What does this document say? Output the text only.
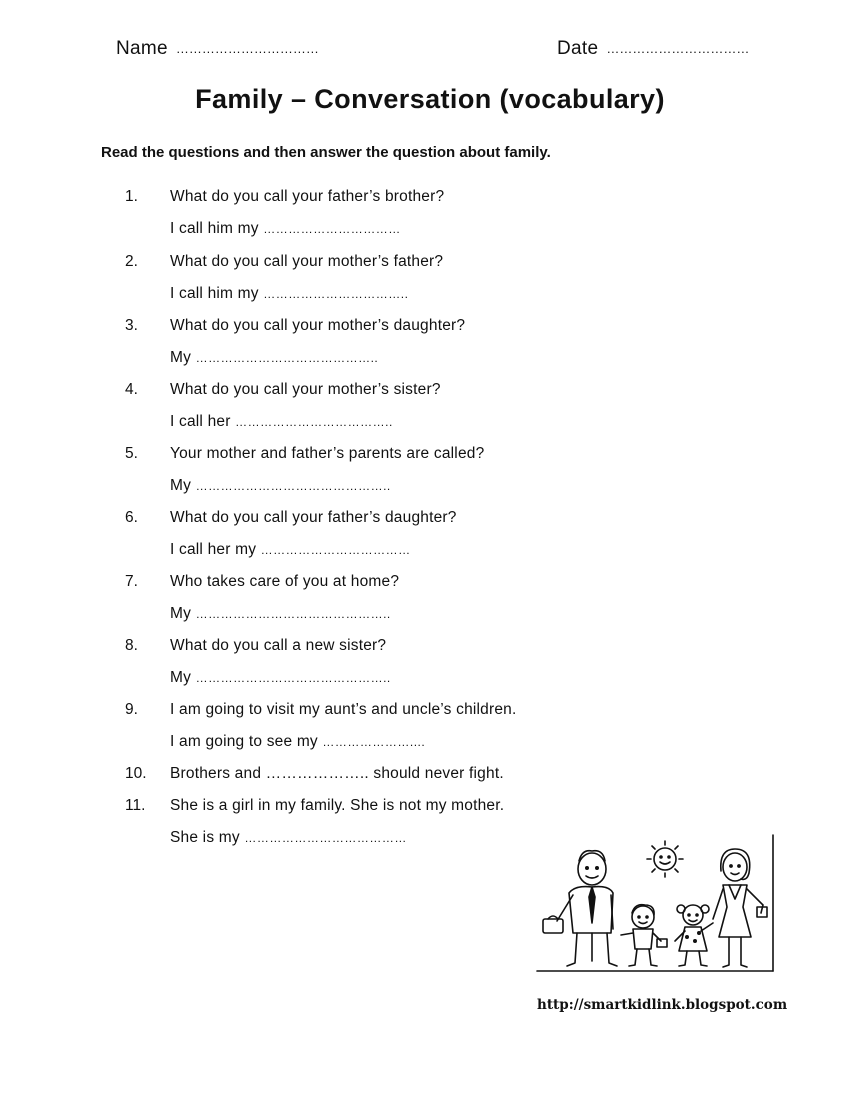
Name ……………………………	Date ……………………………
Family – Conversation (vocabulary)
Read the questions and then answer the question about family.
1. What do you call your father’s brother?
I call him my ……………………………
2. What do you call your mother’s father?
I call him my ……………………………..
3. What do you call your mother’s daughter?
My ……………………………………..
4. What do you call your mother’s sister?
I call her ………………………………..
5. Your mother and father’s parents are called?
My ………………………………………..
6. What do you call your father’s daughter?
I call her my ………………………………
7. Who takes care of you at home?
My ………………………………………..
8. What do you call a new sister?
My ………………………………………..
9. I am going to visit my aunt’s and uncle’s children.
I am going to see my …………………....
10. Brothers and ……………….. should never fight.
11. She is a girl in my family. She is not my mother.
She is my …………………………………
http://smartkidlink.blogspot.com
